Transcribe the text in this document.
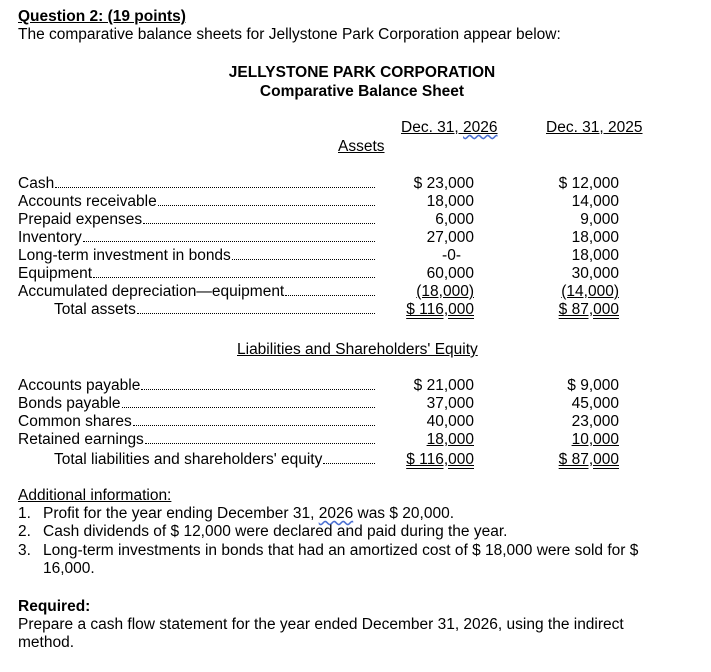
Question 2: (19 points)
The comparative balance sheets for Jellystone Park Corporation appear below:
JELLYSTONE PARK CORPORATION
Comparative Balance Sheet
Dec. 31, 2026	Dec. 31, 2025
Assets
Cash	$ 23,000	$ 12,000
Accounts receivable	18,000	14,000
Prepaid expenses	6,000	9,000
Inventory	27,000	18,000
Long-term investment in bonds	-0-	18,000
Equipment	60,000	30,000
Accumulated depreciation—equipment	(18,000)	(14,000)
Total assets	$ 116,000	$ 87,000
Liabilities and Shareholders' Equity
Accounts payable	$ 21,000	$ 9,000
Bonds payable	37,000	45,000
Common shares	40,000	23,000
Retained earnings	18,000	10,000
Total liabilities and shareholders' equity	$ 116,000	$ 87,000
Additional information:
1. Profit for the year ending December 31, 2026 was $ 20,000.
2. Cash dividends of $ 12,000 were declared and paid during the year.
3. Long-term investments in bonds that had an amortized cost of $ 18,000 were sold for $ 16,000.
Required:
Prepare a cash flow statement for the year ended December 31, 2026, using the indirect method.
